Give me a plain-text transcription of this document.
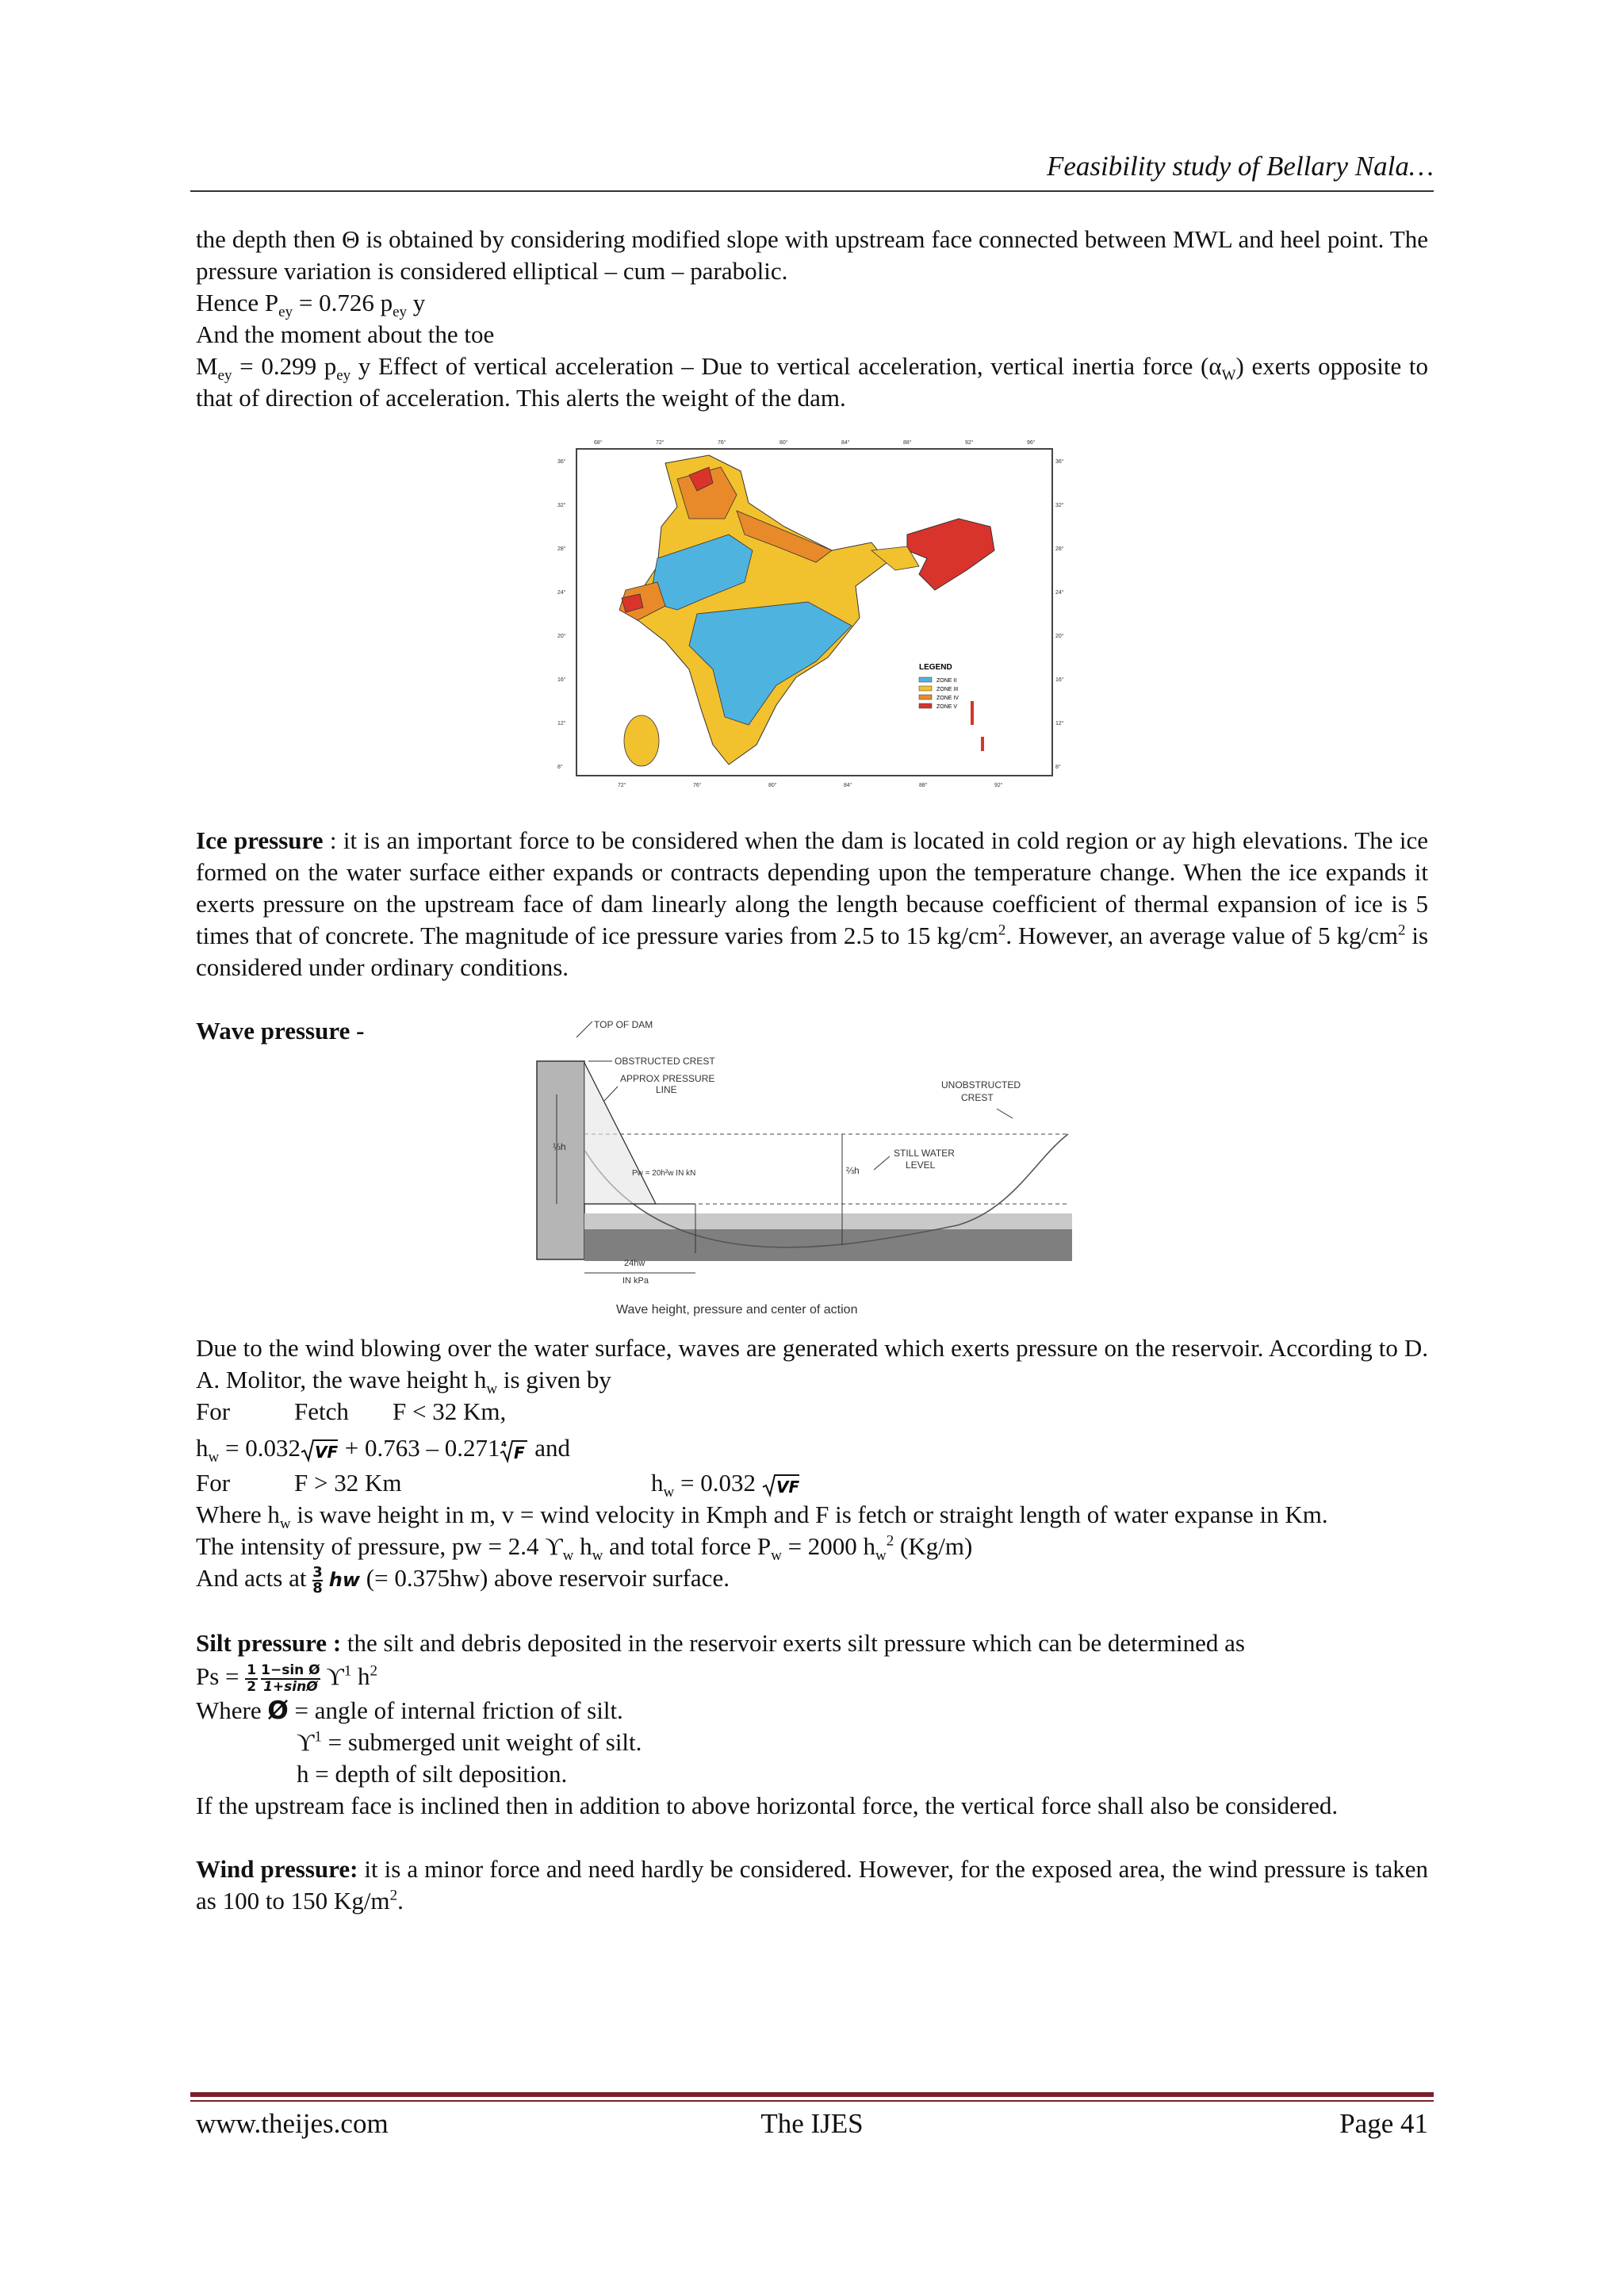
Feasibility study of Bellary Nala…

the depth then Θ is obtained by considering modified slope with upstream face connected between MWL and heel point. The pressure variation is considered elliptical – cum – parabolic.

Hence $P_{ey} = 0.726$ $p_{ey}$ y

And the moment about the toe

$M_{ey} = 0.299$ $p_{ey}$ y Effect of vertical acceleration – Due to vertical acceleration, vertical inertia force $(\alpha_W)$ exerts opposite to that of direction of acceleration. This alerts the weight of the dam.

68°	72°	76°	80°	84°	88°	92°	96°
36°
32°
28°
24°
20°
16°
12°
8°
36°
32°
28°
24°
20°
16°
12°
8°
72°	76°	80°	84°	88°	92°
LEGEND
ZONE II
ZONE III
ZONE IV
ZONE V

Ice pressure : it is an important force to be considered when the dam is located in cold region or ay high elevations. The ice formed on the water surface either expands or contracts depending upon the temperature change. When the ice expands it exerts pressure on the upstream face of dam linearly along the length because coefficient of thermal expansion of ice is 5 times that of concrete. The magnitude of ice pressure varies from 2.5 to 15 $kg/cm^2$. However, an average value of 5 $kg/cm^2$ is considered under ordinary conditions.

Wave pressure -

⅓h
⅔h
TOP OF DAM
OBSTRUCTED CREST
APPROX PRESSURE
LINE	UNOBSTRUCTED
CREST
STILL WATER
LEVEL
Pw = 20h²w IN kN
24hw
IN kPa
Wave height, pressure and center of action

Due to the wind blowing over the water surface, waves are generated which exerts pressure on the reservoir. According to D. A. Molitor, the wave height $h_w$ is given by

For	Fetch F < 32 Km,

$h_w = 0.032$ VF + 0.763 – 0.271 4 F and

For	F > 32 Km	$h_w = 0.032$ VF

Where $h_w$ is wave height in m, v = wind velocity in Kmph and F is fetch or straight length of water expanse in Km.

The intensity of pressure, pw = 2.4 $ϒ_w$ $h_w$ and total force $P_w = 2000$ $h_w^2$ (Kg/m)

And acts at $\frac{3}{8}$ hw (= 0.375hw) above reservoir surface.

Silt pressure : the silt and debris deposited in the reservoir exerts silt pressure which can be determined as

$Ps = \frac{1}{2} \frac{\text{1−sin Ø}}{1+\sin Ø} ϒ^1$ $h^2$

Where Ø = angle of internal friction of silt.

$ϒ^1$ = submerged unit weight of silt.

h = depth of silt deposition.

If the upstream face is inclined then in addition to above horizontal force, the vertical force shall also be considered.

Wind pressure: it is a minor force and need hardly be considered. However, for the exposed area, the wind pressure is taken as 100 to 150 $Kg/m^2$.

www.theijes.com	The IJES	Page 41
